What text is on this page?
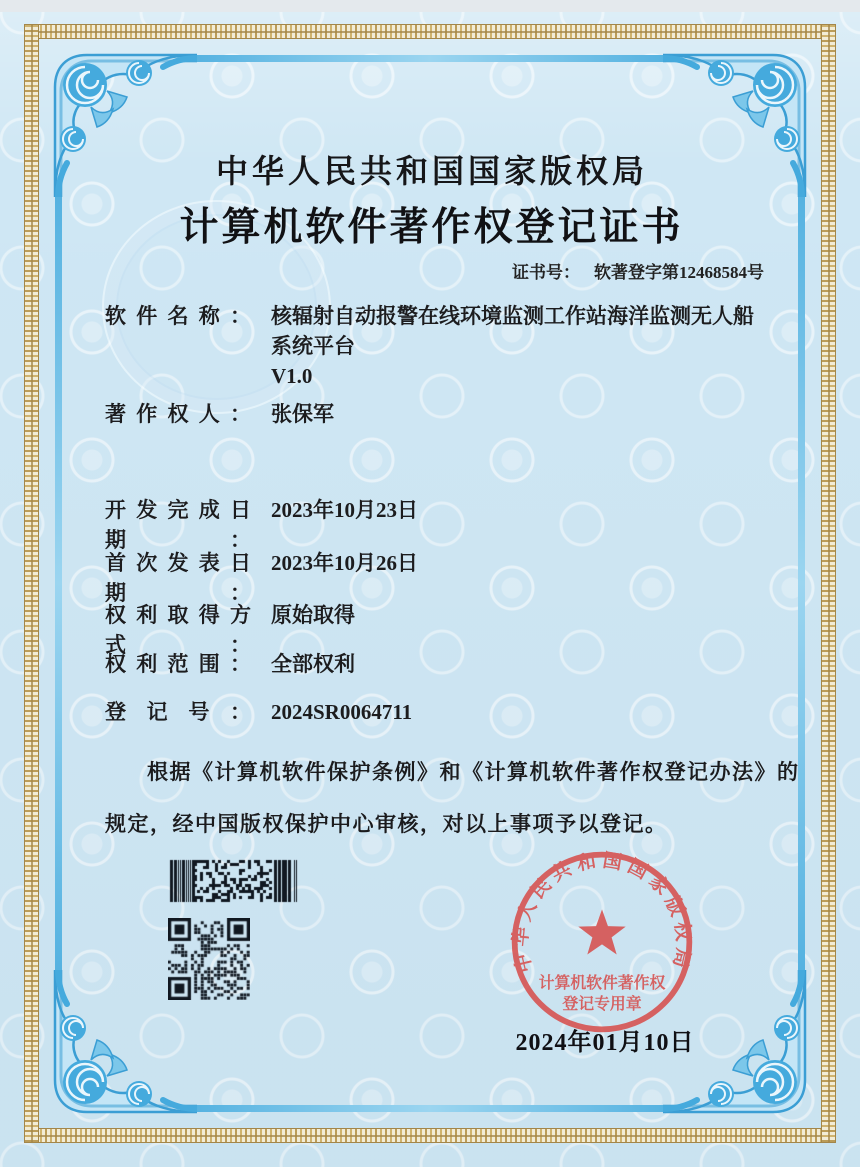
中华人民共和国国家版权局
计算机软件著作权登记证书
证书号： 软著登字第12468584号
软件名称： 核辐射自动报警在线环境监测工作站海洋监测无人船
系统平台
V1.0
著作权人： 张保军
开发完成日期：
2023年10月23日
首次发表日期：
2023年10月26日
权利取得方式：
原始取得
权利范围： 全部权利
登记号： 2024SR0064711
根据《计算机软件保护条例》和《计算机软件著作权登记办法》的
规定，经中国版权保护中心审核，对以上事项予以登记。
中华人民共和国国家版权局
计算机软件著作权
登记专用章
2024年01月10日
